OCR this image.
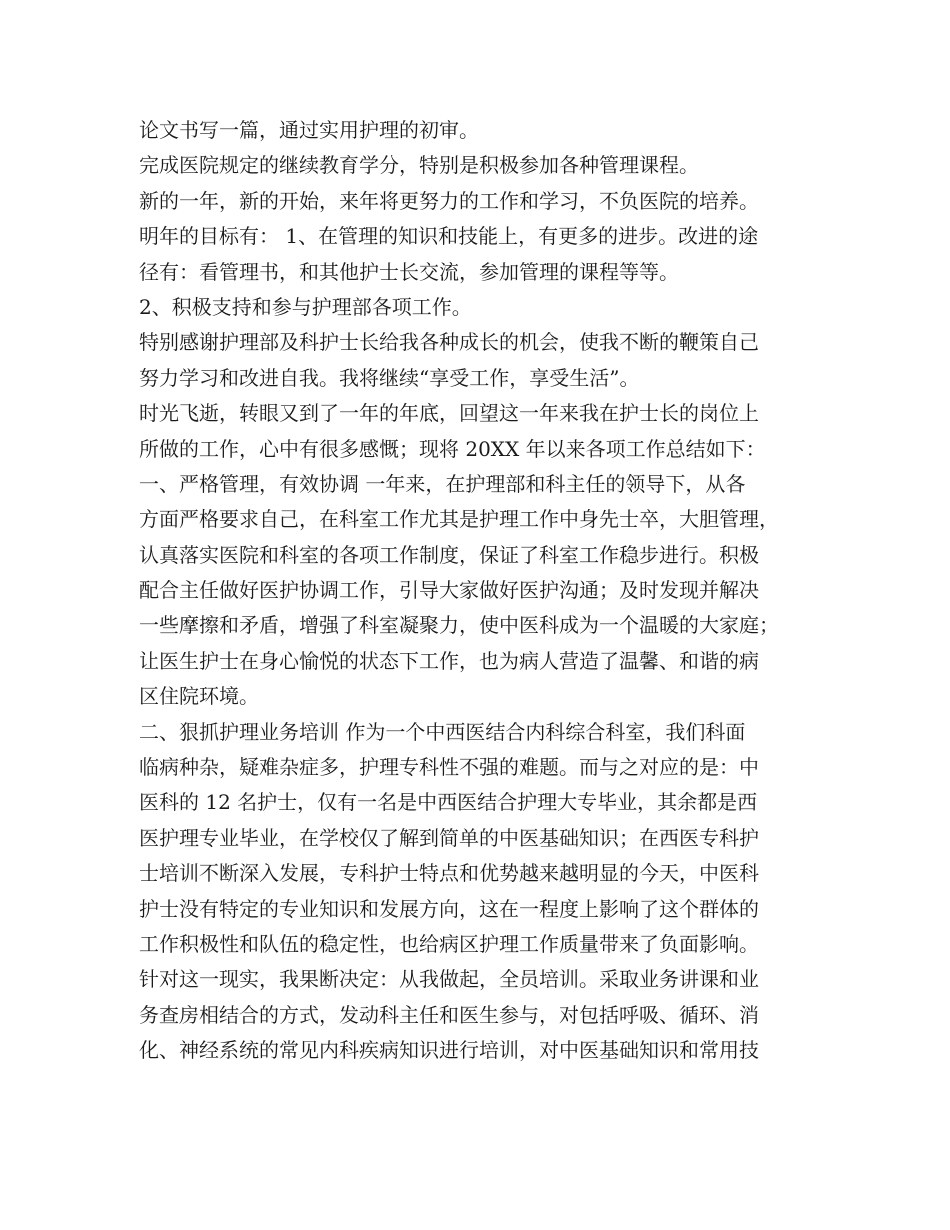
论文书写一篇，通过实用护理的初审。
完成医院规定的继续教育学分，特别是积极参加各种管理课程。
新的一年，新的开始，来年将更努力的工作和学习，不负医院的培养。
明年的目标有： 1、在管理的知识和技能上，有更多的进步。改进的途
径有：看管理书，和其他护士长交流，参加管理的课程等等。
2、积极支持和参与护理部各项工作。
特别感谢护理部及科护士长给我各种成长的机会，使我不断的鞭策自己
努力学习和改进自我。我将继续“享受工作，享受生活”。
时光飞逝，转眼又到了一年的年底，回望这一年来我在护士长的岗位上
所做的工作，心中有很多感慨；现将 20XX 年以来各项工作总结如下：
一、严格管理，有效协调 一年来，在护理部和科主任的领导下，从各
方面严格要求自己，在科室工作尤其是护理工作中身先士卒，大胆管理，
认真落实医院和科室的各项工作制度，保证了科室工作稳步进行。积极
配合主任做好医护协调工作，引导大家做好医护沟通；及时发现并解决
一些摩擦和矛盾，增强了科室凝聚力，使中医科成为一个温暖的大家庭；
让医生护士在身心愉悦的状态下工作，也为病人营造了温馨、和谐的病
区住院环境。
二、狠抓护理业务培训 作为一个中西医结合内科综合科室，我们科面
临病种杂，疑难杂症多，护理专科性不强的难题。而与之对应的是：中
医科的 12 名护士，仅有一名是中西医结合护理大专毕业，其余都是西
医护理专业毕业，在学校仅了解到简单的中医基础知识；在西医专科护
士培训不断深入发展，专科护士特点和优势越来越明显的今天，中医科
护士没有特定的专业知识和发展方向，这在一程度上影响了这个群体的
工作积极性和队伍的稳定性，也给病区护理工作质量带来了负面影响。
针对这一现实，我果断决定：从我做起，全员培训。采取业务讲课和业
务查房相结合的方式，发动科主任和医生参与，对包括呼吸、循环、消
化、神经系统的常见内科疾病知识进行培训，对中医基础知识和常用技
